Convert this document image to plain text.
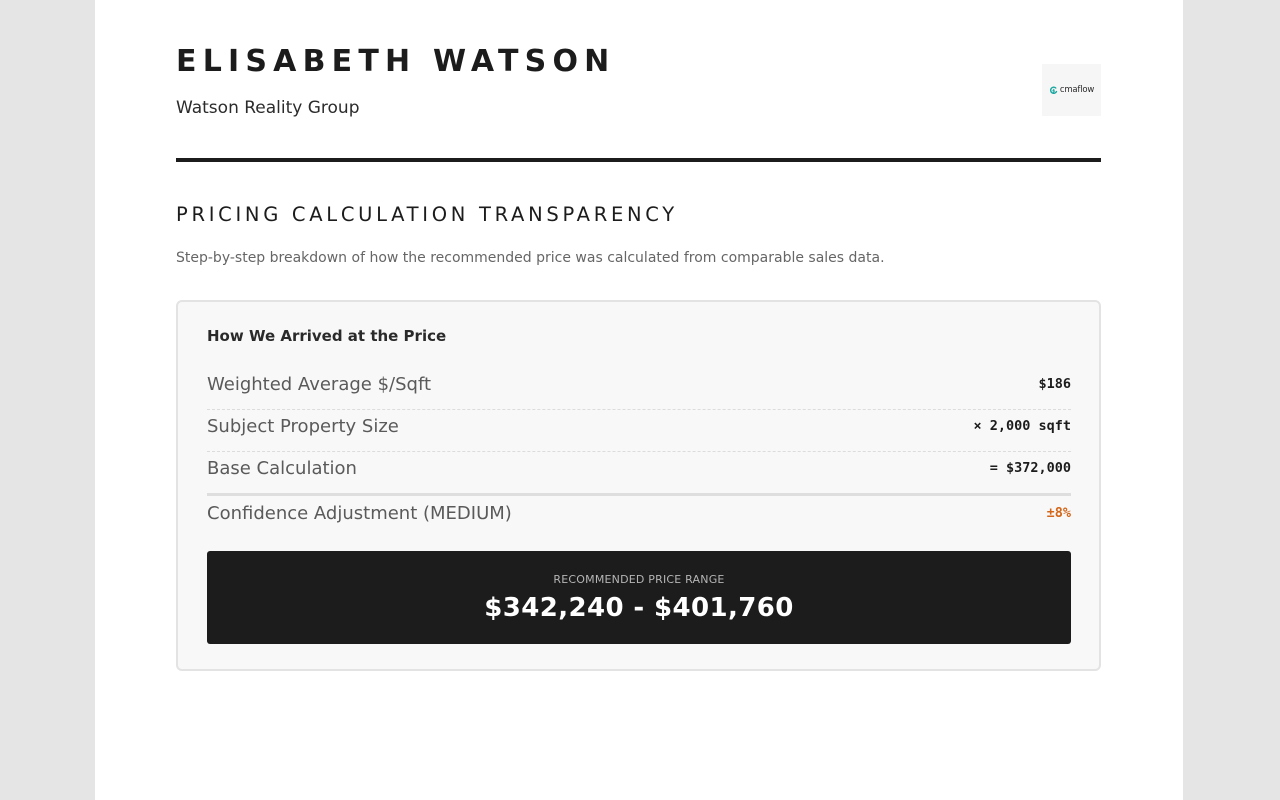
ELISABETH WATSON
Watson Reality Group
cmaflow
PRICING CALCULATION TRANSPARENCY
Step-by-step breakdown of how the recommended price was calculated from comparable sales data.
How We Arrived at the Price
Weighted Average $/Sqft	$186
Subject Property Size	× 2,000 sqft
Base Calculation	= $372,000
Confidence Adjustment (MEDIUM)	±8%
RECOMMENDED PRICE RANGE
$342,240 - $401,760
